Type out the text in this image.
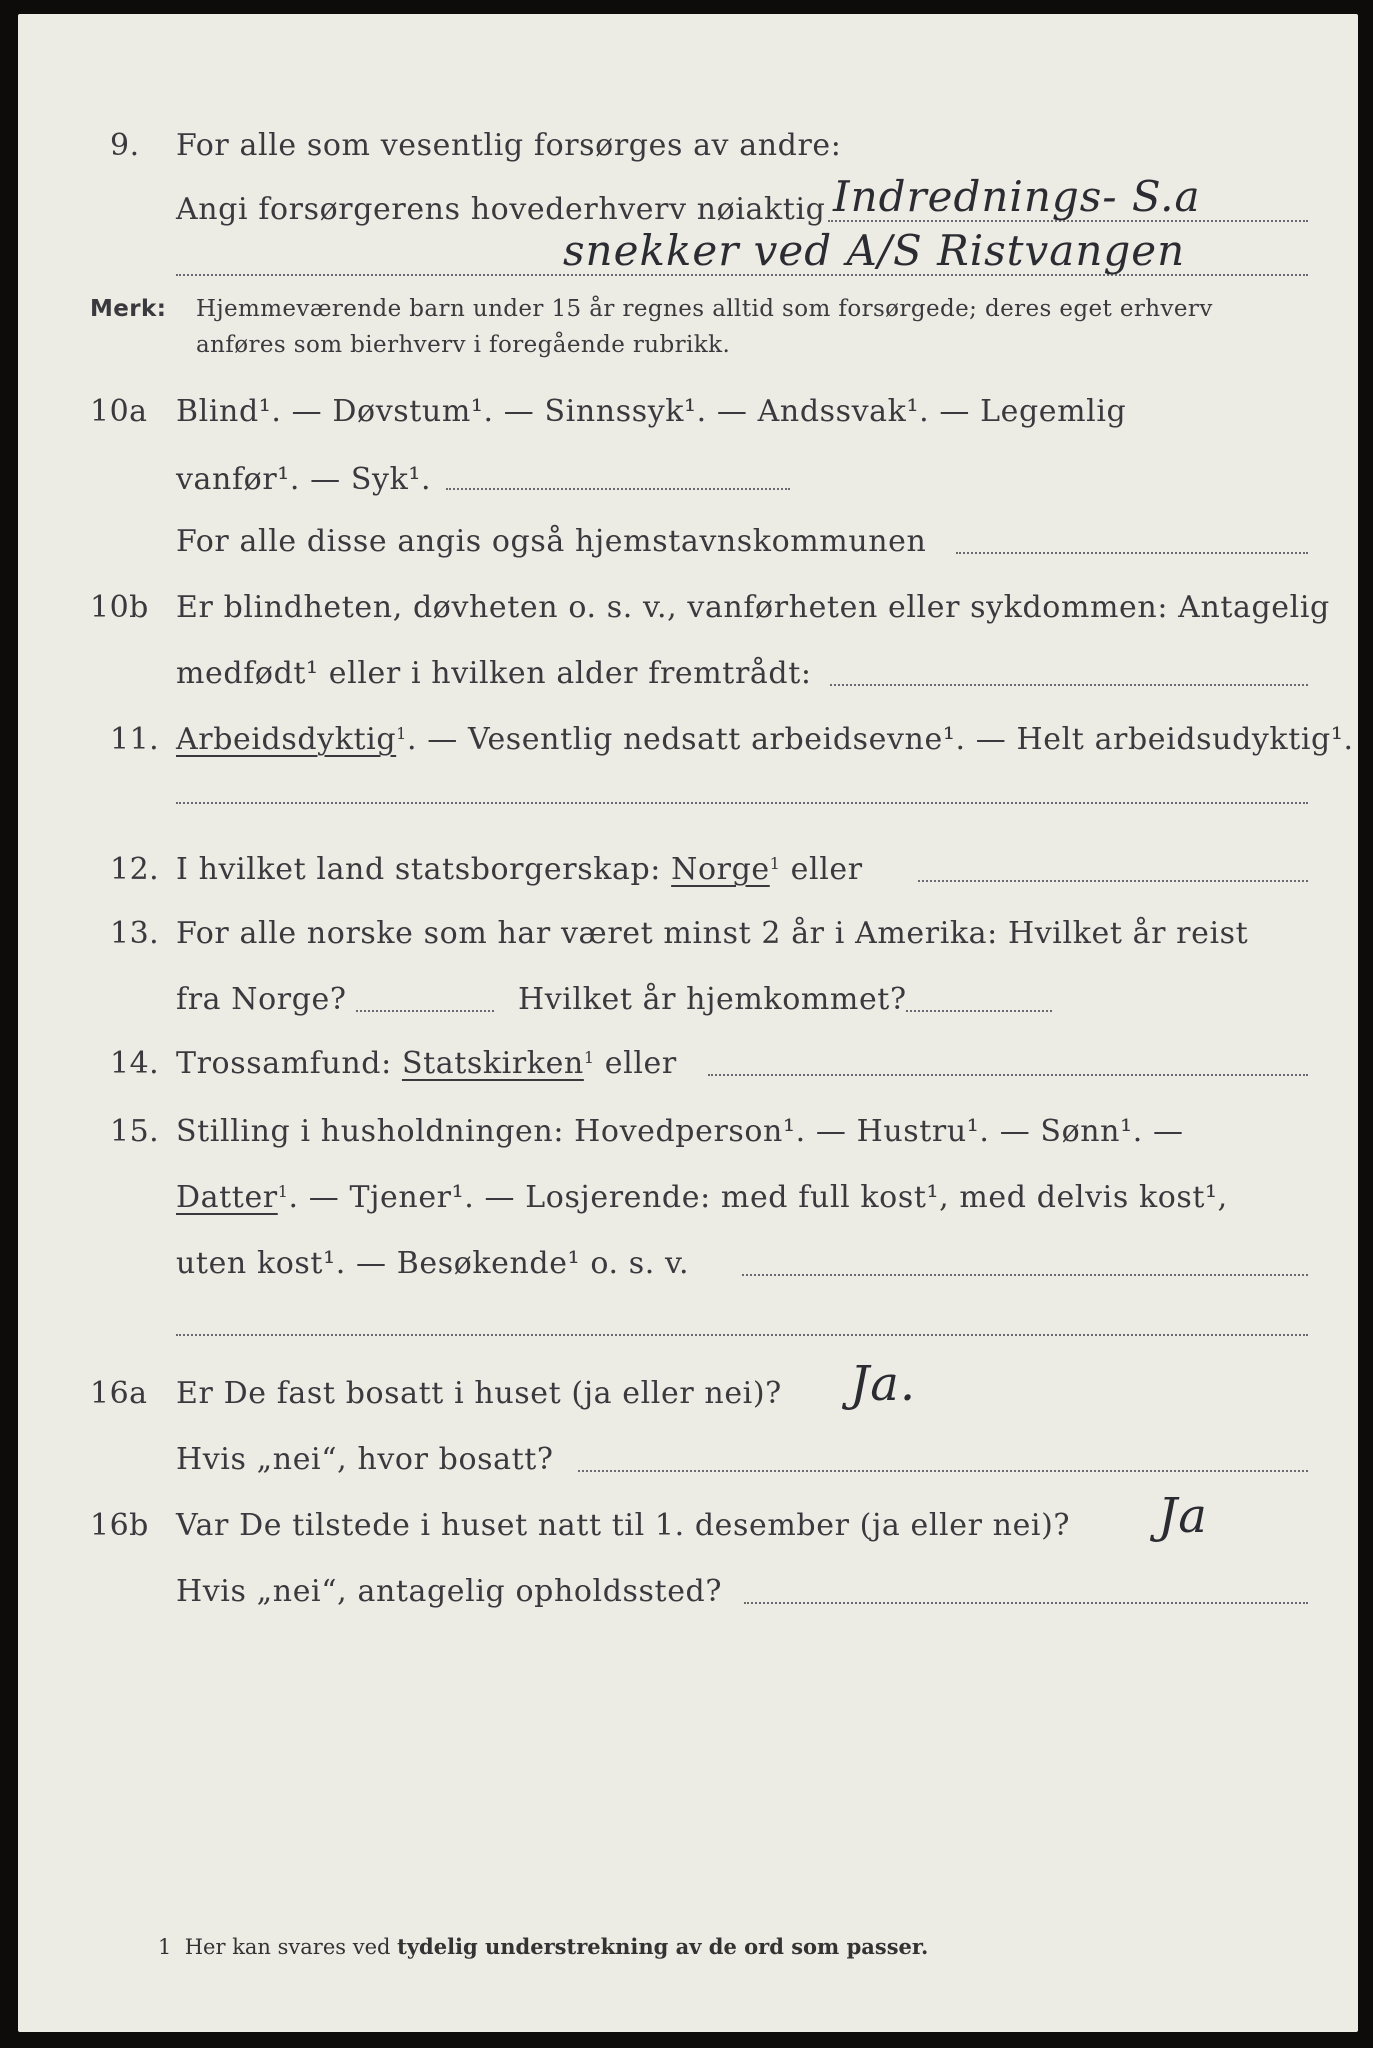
9. For alle som vesentlig forsørges av andre:
Angi forsørgerens hovederhverv nøiaktig Indrednings- S.a
snekker ved A/S Ristvangen
Merk: Hjemmeværende barn under 15 år regnes alltid som forsørgede; deres eget erhverv
anføres som bierhverv i foregående rubrikk.
10a Blind¹. — Døvstum¹. — Sinnssyk¹. — Andssvak¹. — Legemlig
vanfør¹. — Syk¹.
For alle disse angis også hjemstavnskommunen
10b Er blindheten, døvheten o. s. v., vanførheten eller sykdommen: Antagelig
medfødt¹ eller i hvilken alder fremtrådt:
11. Arbeidsdyktig$^1$. — Vesentlig nedsatt arbeidsevne¹. — Helt arbeidsudyktig¹.
12. I hvilket land statsborgerskap: Norge$^1$ eller
13. For alle norske som har været minst 2 år i Amerika: Hvilket år reist
fra Norge?	Hvilket år hjemkommet?
14. Trossamfund: Statskirken$^1$ eller
15. Stilling i husholdningen: Hovedperson¹. — Hustru¹. — Sønn¹. —
Datter$^1$. — Tjener¹. — Losjerende: med full kost¹, med delvis kost¹,
uten kost¹. — Besøkende¹ o. s. v.
16a Er De fast bosatt i huset (ja eller nei)? Ja.
Hvis „nei“, hvor bosatt?
16b Var De tilstede i huset natt til 1. desember (ja eller nei)? Ja
Hvis „nei“, antagelig opholdssted?
1 Her kan svares ved tydelig understrekning av de ord som passer.
